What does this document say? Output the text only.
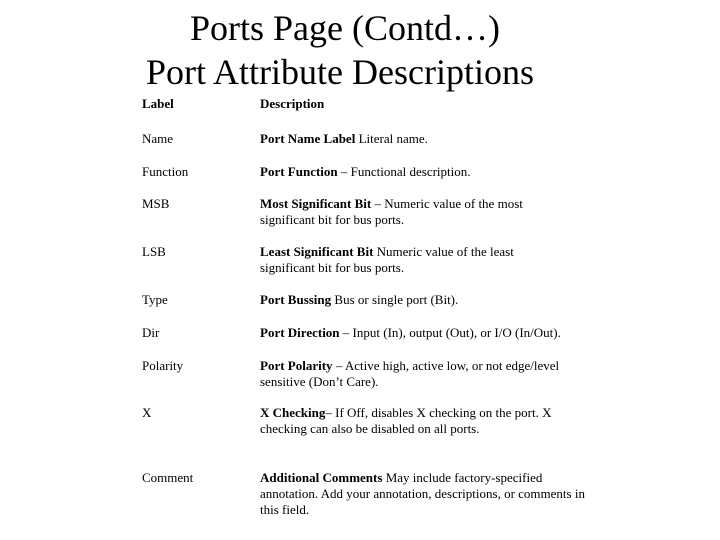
Ports Page (Contd…)
Port Attribute Descriptions
Label	Description
Name	Port Name Label Literal name.
Function	Port Function – Functional description.
MSB	Most Significant Bit – Numeric value of the most significant bit for bus ports.
LSB	Least Significant Bit Numeric value of the least significant bit for bus ports.
Type	Port Bussing Bus or single port (Bit).
Dir	Port Direction – Input (In), output (Out), or I/O (In/Out).
Polarity	Port Polarity – Active high, active low, or not edge/level sensitive (Don’t Care).
X	X Checking– If Off, disables X checking on the port. X checking can also be disabled on all ports.
Comment	Additional Comments May include factory-specified annotation. Add your annotation, descriptions, or comments in this field.
